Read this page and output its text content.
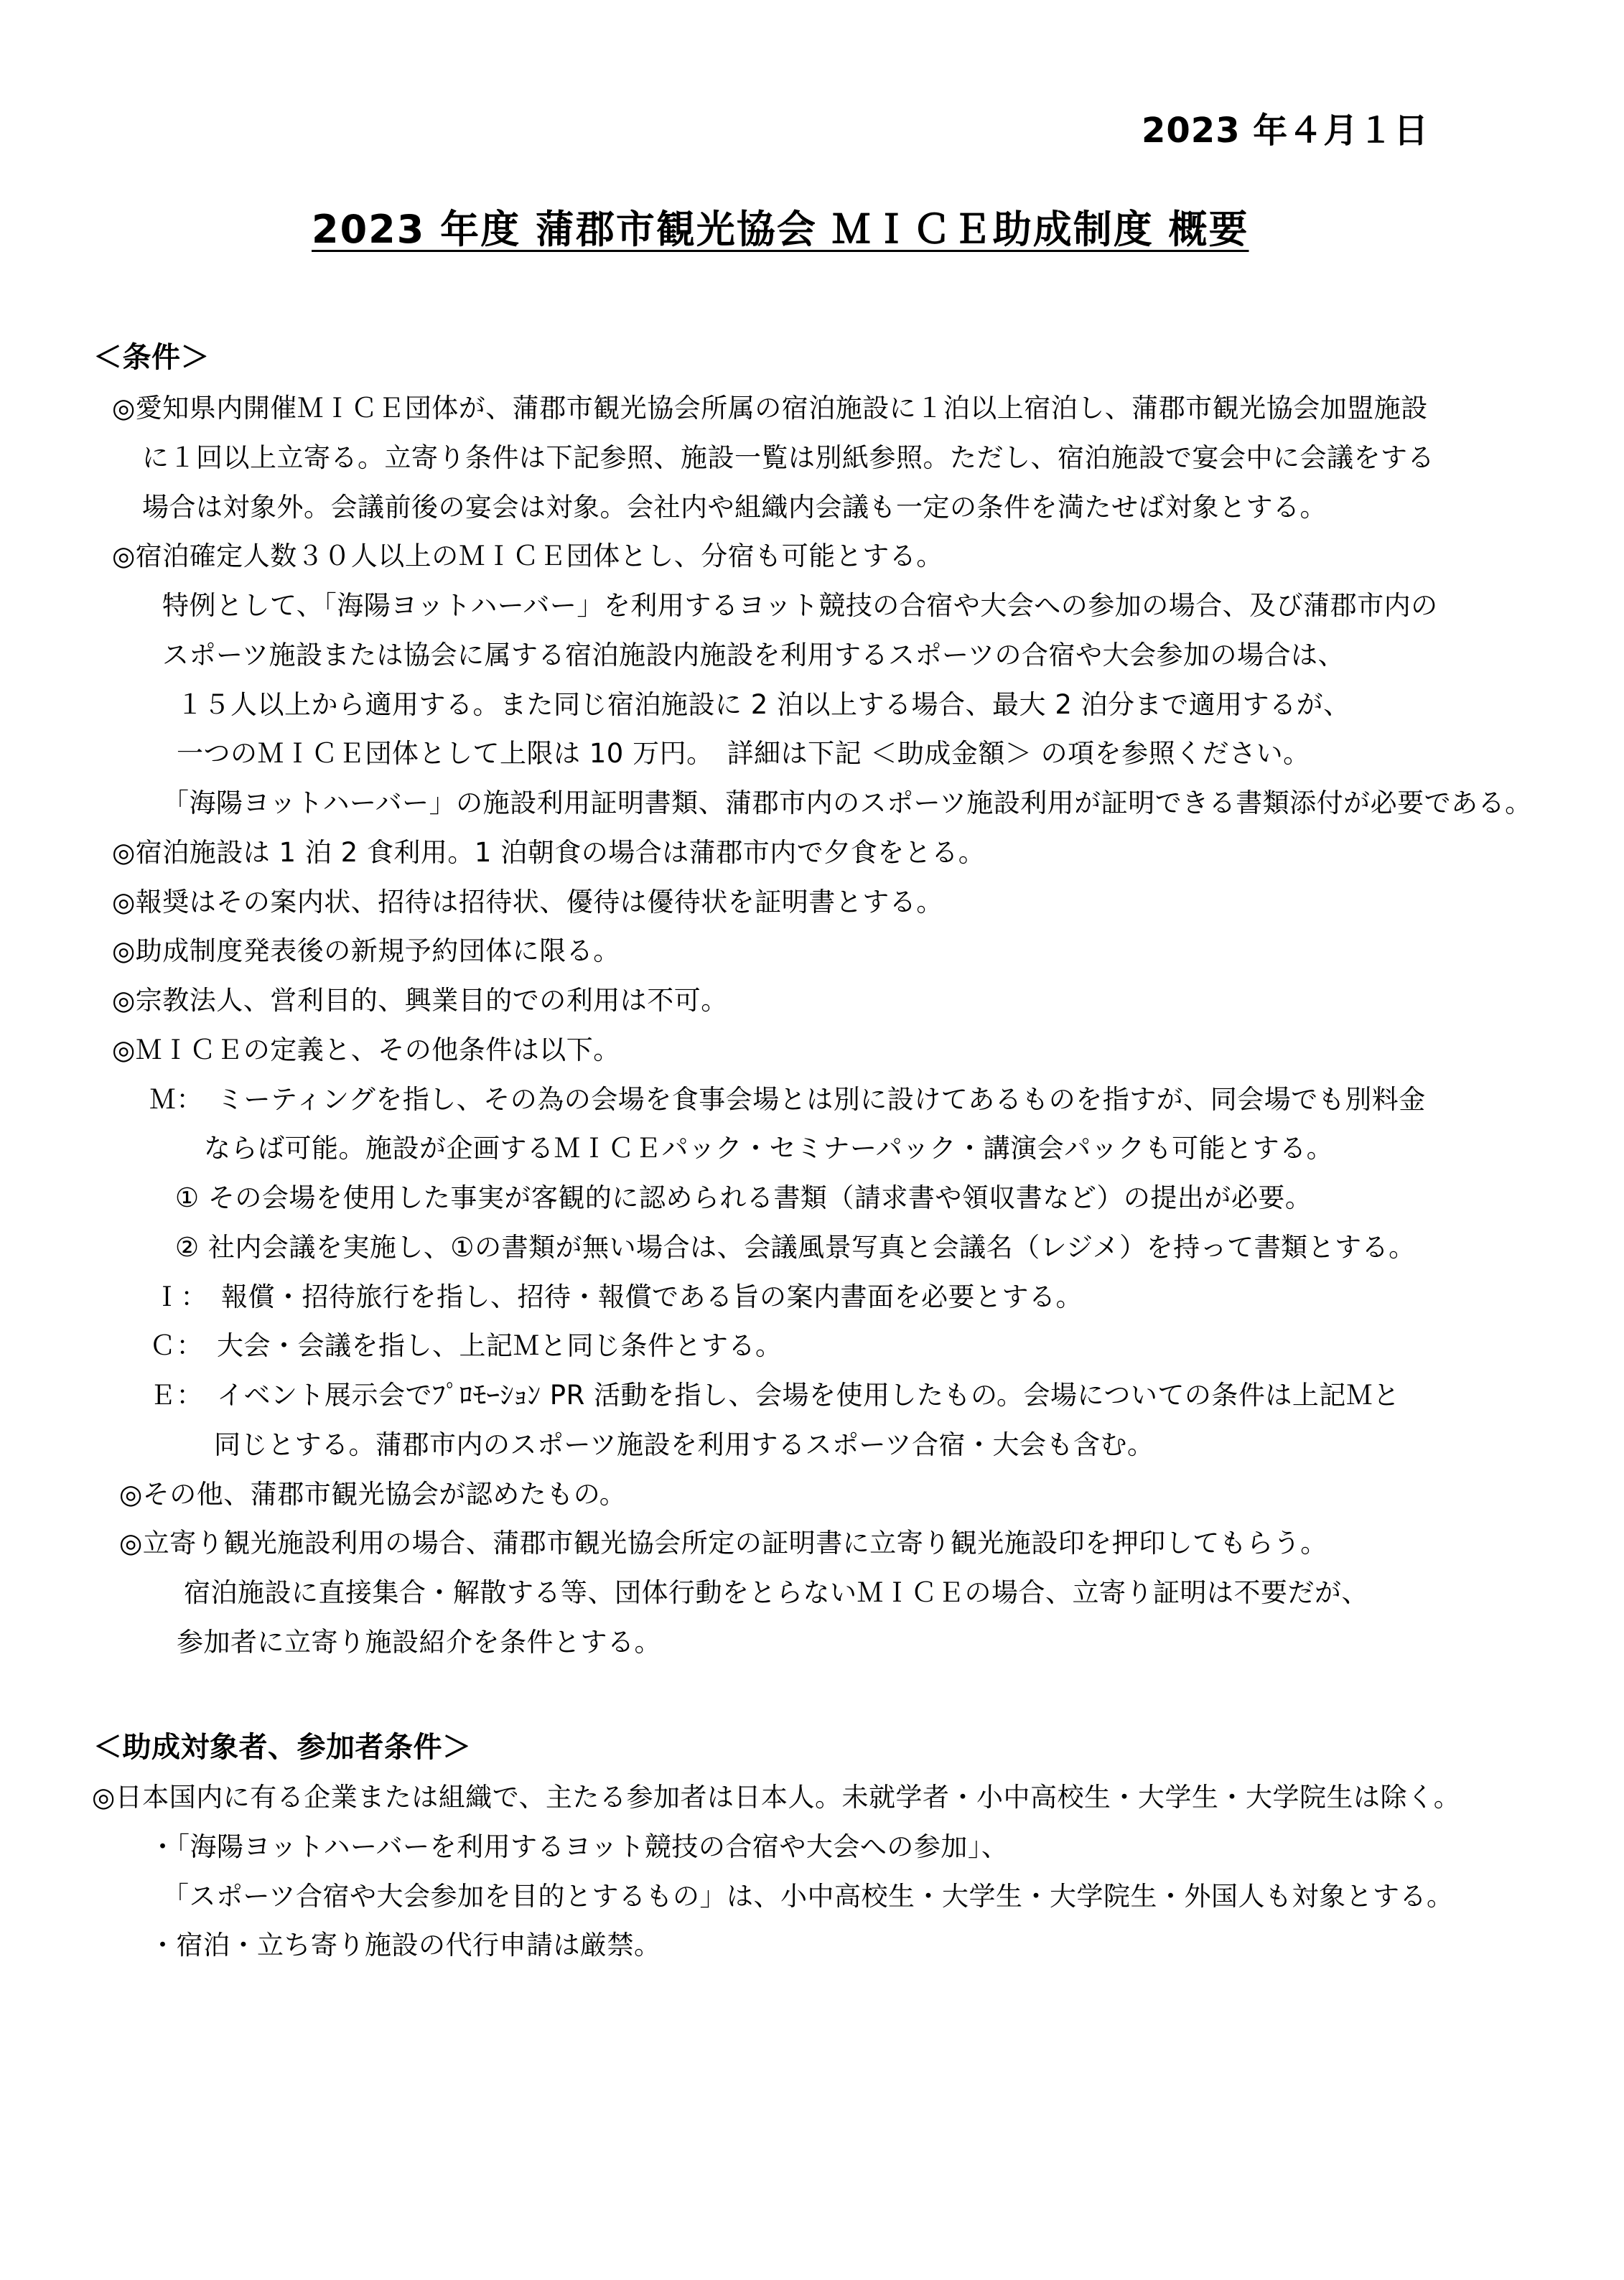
2023 年４月１日
2023 年度 蒲郡市観光協会 ＭＩＣＥ助成制度 概要
＜条件＞
◎愛知県内開催ＭＩＣＥ団体が、蒲郡市観光協会所属の宿泊施設に１泊以上宿泊し、蒲郡市観光協会加盟施設
に１回以上立寄る。立寄り条件は下記参照、施設一覧は別紙参照。ただし、宿泊施設で宴会中に会議をする
場合は対象外。会議前後の宴会は対象。会社内や組織内会議も一定の条件を満たせば対象とする。
◎宿泊確定人数３０人以上のＭＩＣＥ団体とし、分宿も可能とする。
特例として、「海陽ヨットハーバー」を利用するヨット競技の合宿や大会への参加の場合、及び蒲郡市内の
スポーツ施設または協会に属する宿泊施設内施設を利用するスポーツの合宿や大会参加の場合は、
１５人以上から適用する。また同じ宿泊施設に 2 泊以上する場合、最大 2 泊分まで適用するが、
一つのＭＩＣＥ団体として上限は 10 万円。　詳細は下記 ＜助成金額＞ の項を参照ください。
「海陽ヨットハーバー」の施設利用証明書類、蒲郡市内のスポーツ施設利用が証明できる書類添付が必要である。
◎宿泊施設は 1 泊 2 食利用。1 泊朝食の場合は蒲郡市内で夕食をとる。
◎報奨はその案内状、招待は招待状、優待は優待状を証明書とする。
◎助成制度発表後の新規予約団体に限る。
◎宗教法人、営利目的、興業目的での利用は不可。
◎ＭＩＣＥの定義と、その他条件は以下。
Ｍ：　ミーティングを指し、その為の会場を食事会場とは別に設けてあるものを指すが、同会場でも別料金
ならば可能。施設が企画するＭＩＣＥパック・セミナーパック・講演会パックも可能とする。
① その会場を使用した事実が客観的に認められる書類（請求書や領収書など）の提出が必要。
② 社内会議を実施し、①の書類が無い場合は、会議風景写真と会議名（レジメ）を持って書類とする。
Ｉ：　報償・招待旅行を指し、招待・報償である旨の案内書面を必要とする。
Ｃ：　大会・会議を指し、上記Ｍと同じ条件とする。
Ｅ：　イベント展示会でﾌﾟﾛﾓｰｼｮﾝ PR 活動を指し、会場を使用したもの。会場についての条件は上記Ｍと
同じとする。蒲郡市内のスポーツ施設を利用するスポーツ合宿・大会も含む。
◎その他、蒲郡市観光協会が認めたもの。
◎立寄り観光施設利用の場合、蒲郡市観光協会所定の証明書に立寄り観光施設印を押印してもらう。
宿泊施設に直接集合・解散する等、団体行動をとらないＭＩＣＥの場合、立寄り証明は不要だが、
参加者に立寄り施設紹介を条件とする。
＜助成対象者、参加者条件＞
◎日本国内に有る企業または組織で、主たる参加者は日本人。未就学者・小中高校生・大学生・大学院生は除く。
・「海陽ヨットハーバーを利用するヨット競技の合宿や大会への参加」、
「スポーツ合宿や大会参加を目的とするもの」は、小中高校生・大学生・大学院生・外国人も対象とする。
・宿泊・立ち寄り施設の代行申請は厳禁。
